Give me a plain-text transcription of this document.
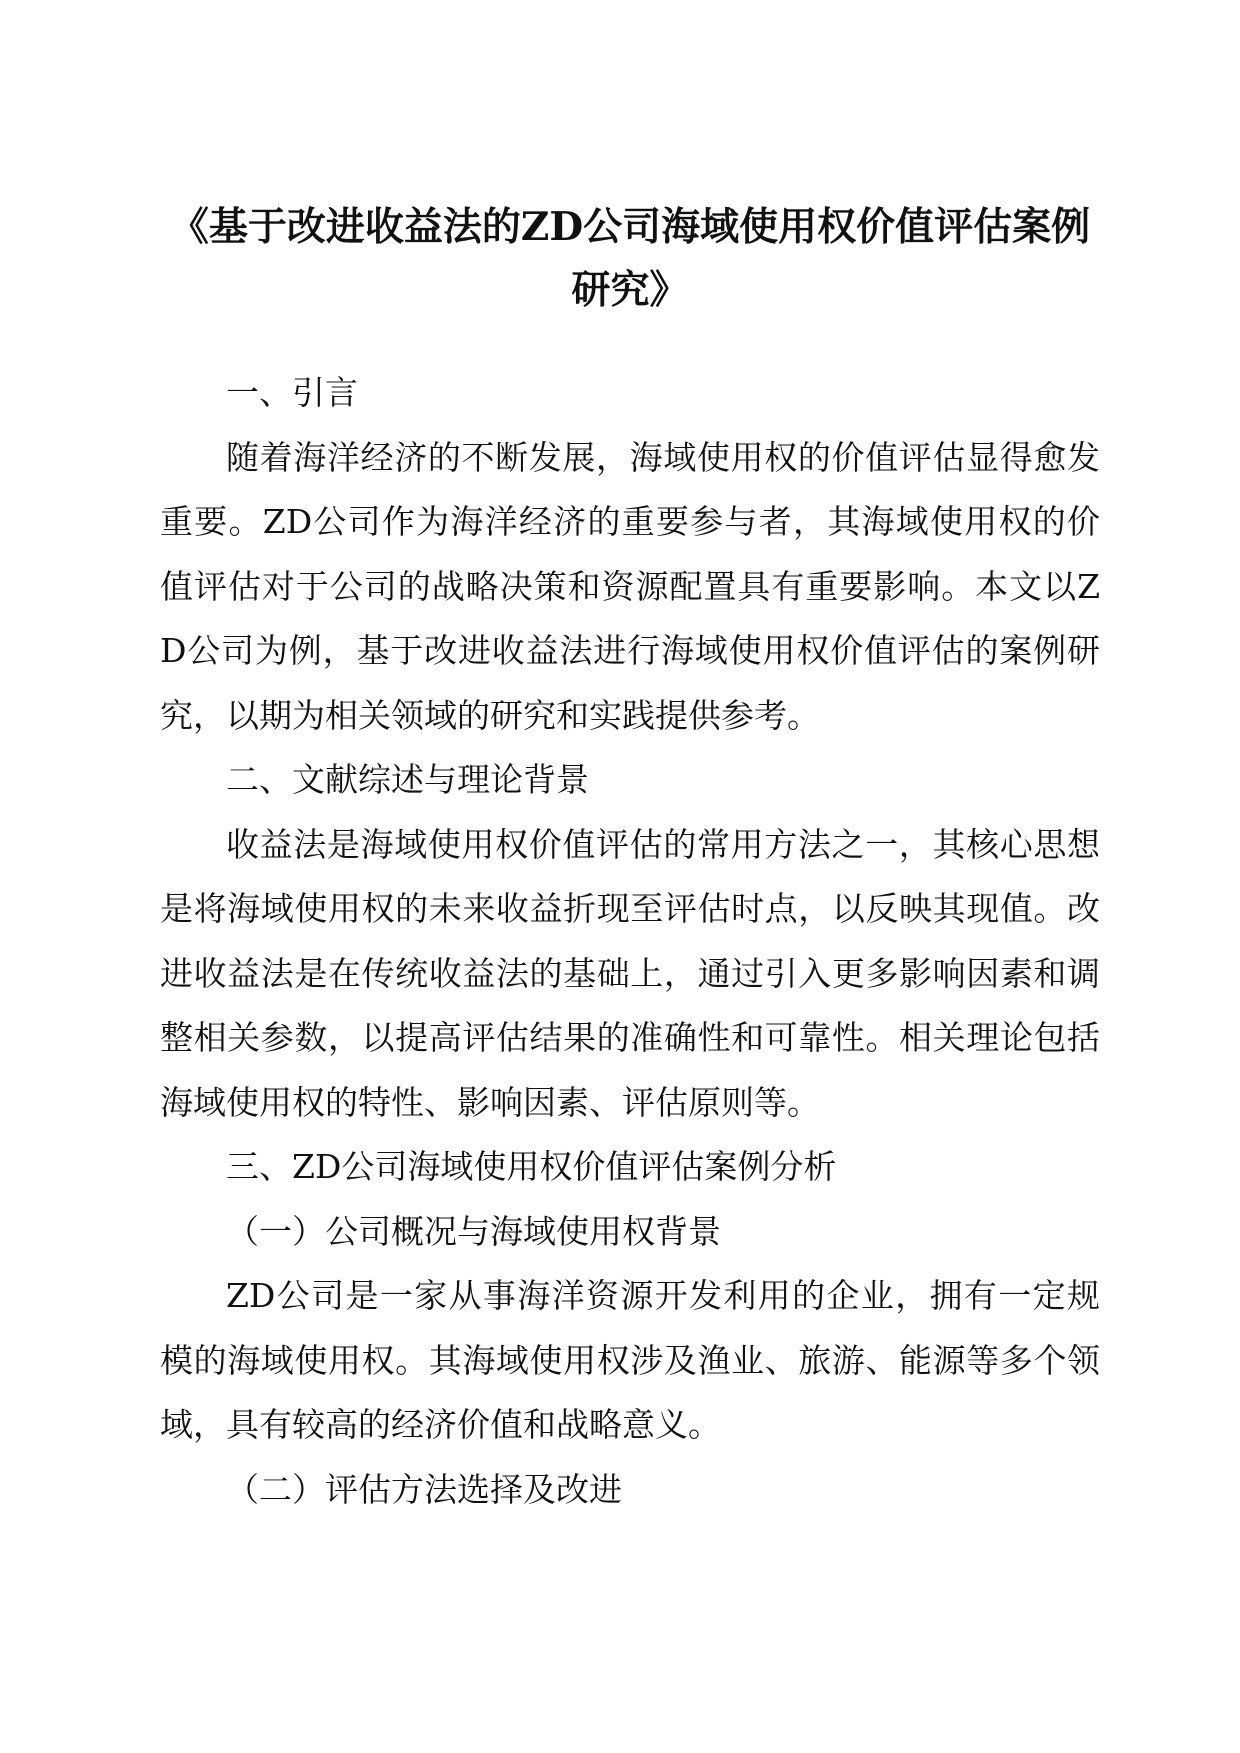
《基于改进收益法的ZD公司海域使用权价值评估案例研究》

一、引言

随着海洋经济的不断发展，海域使用权的价值评估显得愈发重要。ZD公司作为海洋经济的重要参与者，其海域使用权的价值评估对于公司的战略决策和资源配置具有重要影响。本文以ZD公司为例，基于改进收益法进行海域使用权价值评估的案例研究，以期为相关领域的研究和实践提供参考。

二、文献综述与理论背景

收益法是海域使用权价值评估的常用方法之一，其核心思想是将海域使用权的未来收益折现至评估时点，以反映其现值。改进收益法是在传统收益法的基础上，通过引入更多影响因素和调整相关参数，以提高评估结果的准确性和可靠性。相关理论包括海域使用权的特性、影响因素、评估原则等。

三、ZD公司海域使用权价值评估案例分析

（一）公司概况与海域使用权背景

ZD公司是一家从事海洋资源开发利用的企业，拥有一定规模的海域使用权。其海域使用权涉及渔业、旅游、能源等多个领域，具有较高的经济价值和战略意义。

（二）评估方法选择及改进
